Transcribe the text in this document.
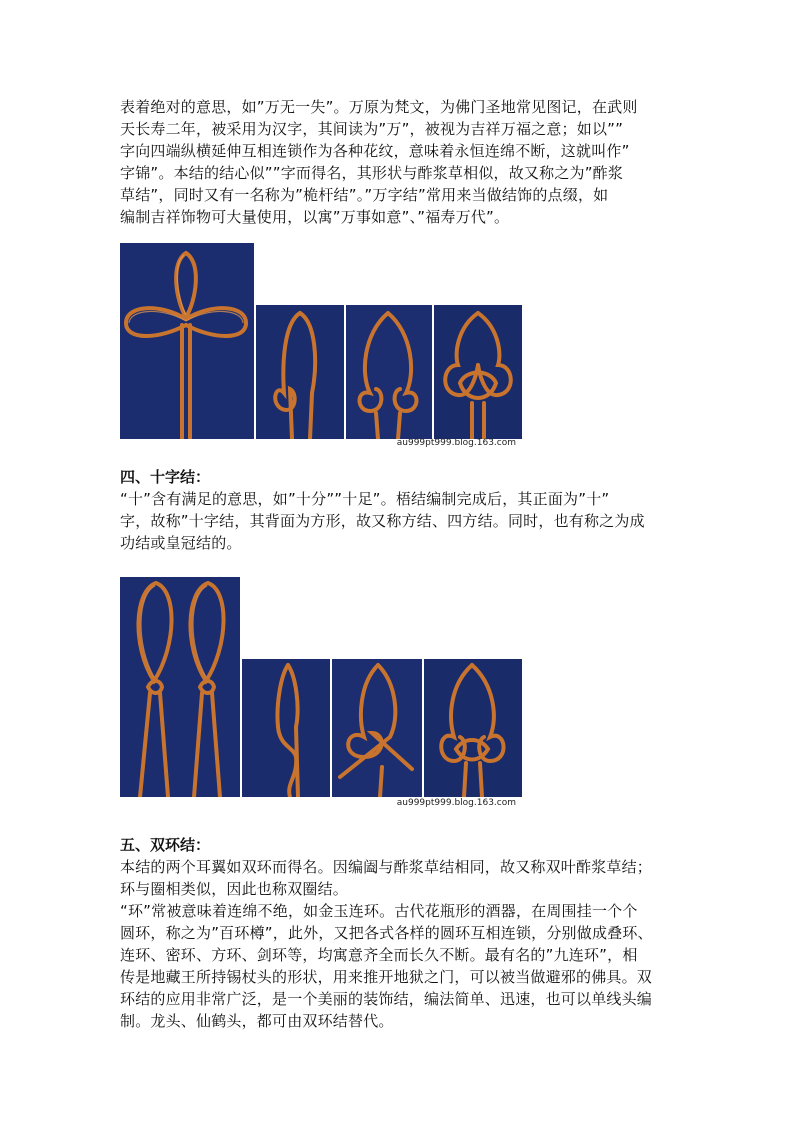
表着绝对的意思，如”万无一失”。万原为梵文，为佛门圣地常见图记，在武则
天长寿二年，被采用为汉字，其间读为”万”，被视为吉祥万福之意；如以””
字向四端纵横延伸互相连锁作为各种花纹，意味着永恒连绵不断，这就叫作”
字锦”。本结的结心似””字而得名，其形状与酢浆草相似，故又称之为”酢浆
草结”，同时又有一名称为”桅杆结”。”万字结”常用来当做结饰的点缀，如
编制吉祥饰物可大量使用，以寓”万事如意”、”福寿万代”。
au999pt999.blog.163.com
四、十字结：
“十”含有满足的意思，如”十分””十足”。梧结编制完成后，其正面为”十”
字，故称”十字结，其背面为方形，故又称方结、四方结。同时，也有称之为成
功结或皇冠结的。
au999pt999.blog.163.com
五、双环结：
本结的两个耳翼如双环而得名。因编阖与酢浆草结相同，故又称双叶酢浆草结；
环与圈相类似，因此也称双圈结。
“环”常被意味着连绵不绝，如金玉连环。古代花瓶形的酒器，在周围挂一个个
圆环，称之为”百环樽”，此外，又把各式各样的圆环互相连锁，分别做成叠环、
连环、密环、方环、剑环等，均寓意齐全而长久不断。最有名的”九连环”，相
传是地藏王所持锡杖头的形状，用来推开地狱之门，可以被当做避邪的佛具。双
环结的应用非常广泛，是一个美丽的装饰结，编法简单、迅速，也可以单线头编
制。龙头、仙鹤头，都可由双环结替代。
